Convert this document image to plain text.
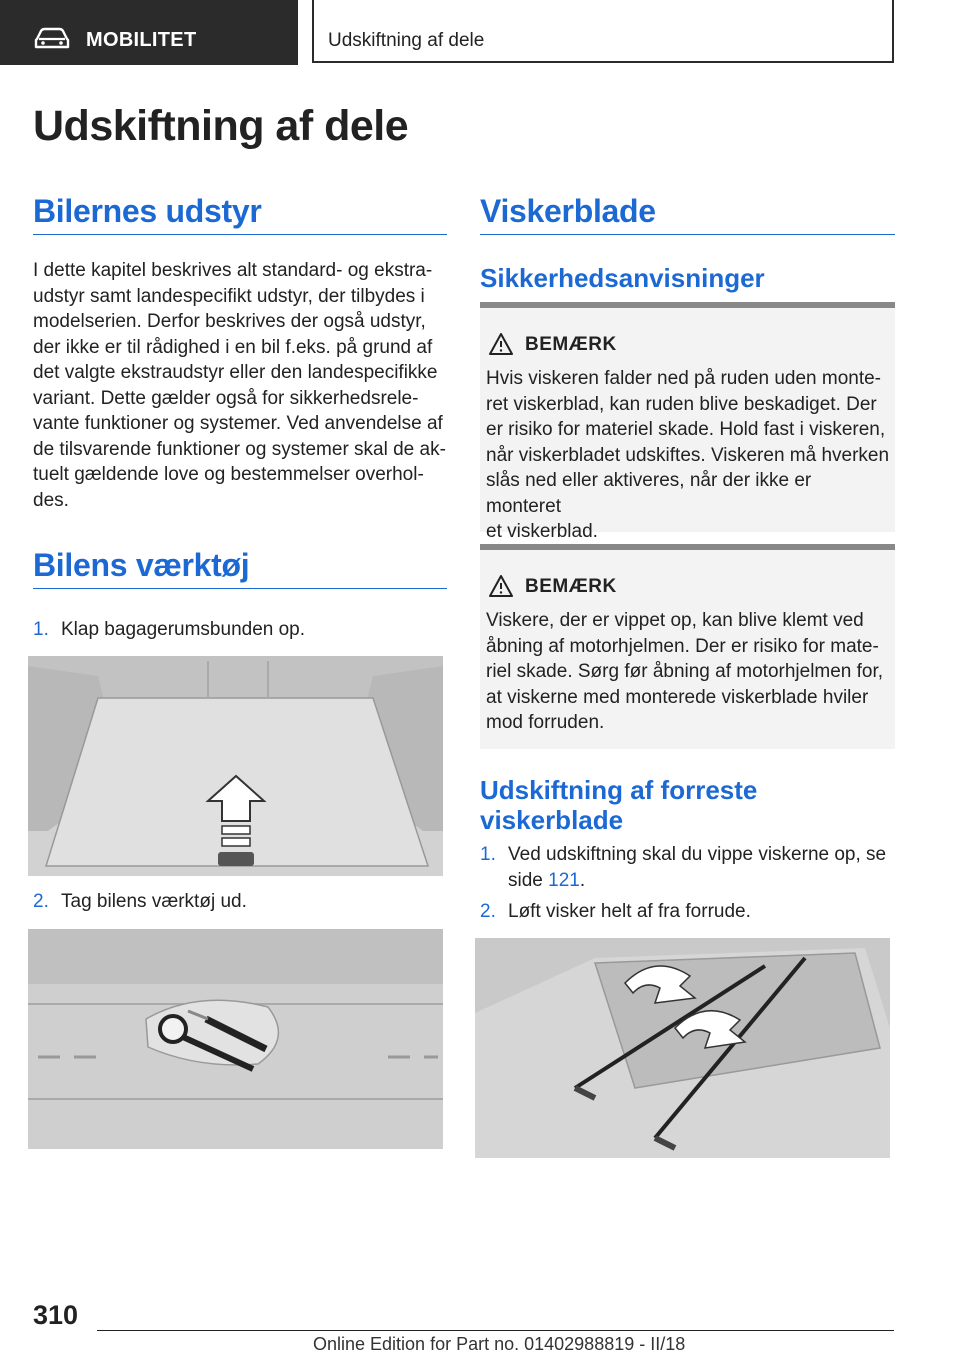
MOBILITET	Udskiftning af dele
Udskiftning af dele
Bilernes udstyr
I dette kapitel beskrives alt standard- og ekstra-
udstyr samt landespecifikt udstyr, der tilbydes i
modelserien. Derfor beskrives der også udstyr,
der ikke er til rådighed i en bil f.eks. på grund af
det valgte ekstraudstyr eller den landespecifikke
variant. Dette gælder også for sikkerhedsrele-
vante funktioner og systemer. Ved anvendelse af
de tilsvarende funktioner og systemer skal de ak-
tuelt gældende love og bestemmelser overhol-
des.
Bilens værktøj
1. Klap bagagerumsbunden op.
2. Tag bilens værktøj ud.
Viskerblade
Sikkerhedsanvisninger
BEMÆRK
Hvis viskeren falder ned på ruden uden monte-
ret viskerblad, kan ruden blive beskadiget. Der
er risiko for materiel skade. Hold fast i viskeren,
når viskerbladet udskiftes. Viskeren må hverken
slås ned eller aktiveres, når der ikke er monteret
et viskerblad.
BEMÆRK
Viskere, der er vippet op, kan blive klemt ved
åbning af motorhjelmen. Der er risiko for mate-
riel skade. Sørg før åbning af motorhjelmen for,
at viskerne med monterede viskerblade hviler
mod forruden.
Udskiftning af forreste
viskerblade
1. Ved udskiftning skal du vippe viskerne op, se
side 121.
2. Løft visker helt af fra forrude.
310
Online Edition for Part no. 01402988819 - II/18
